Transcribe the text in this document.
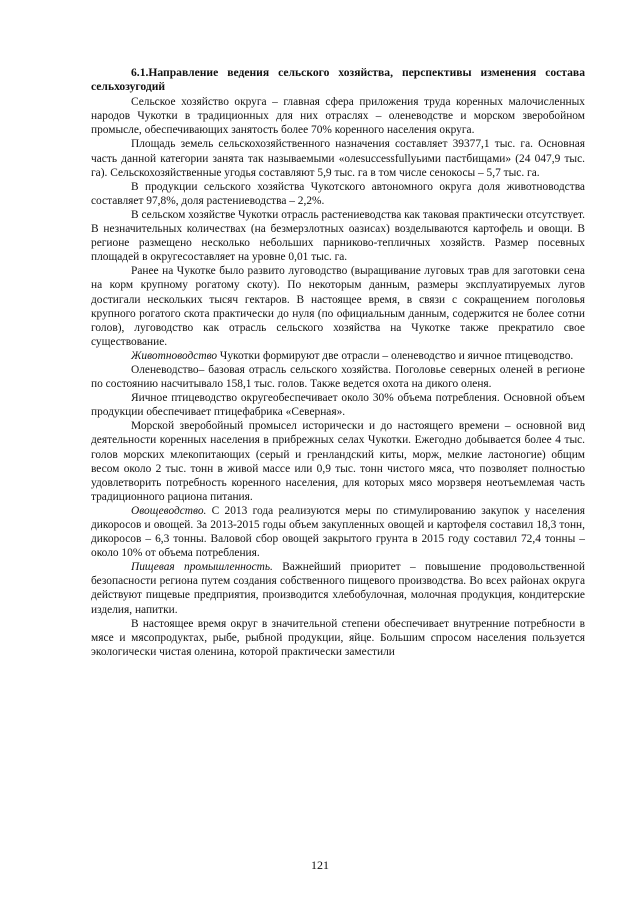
6.1.Направление ведения сельского хозяйства, перспективы изменения состава сельхозугодий

Сельское хозяйство округа – главная сфера приложения труда коренных малочисленных народов Чукотки в традиционных для них отраслях – оленеводстве и морском зверобойном промысле, обеспечивающих занятость более 70% коренного населения округа.

Площадь земель сельскохозяйственного назначения составляет 39377,1 тыс. га. Основная часть данной категории занята так называемыми «олеsuccessfullyьими пастбищами» (24 047,9 тыс. га). Сельскохозяйственные угодья составляют 5,9 тыс. га в том числе сенокосы – 5,7 тыс. га.

В продукции сельского хозяйства Чукотского автономного округа доля животноводства составляет 97,8%, доля растениеводства – 2,2%.

В сельском хозяйстве Чукотки отрасль растениеводства как таковая практически отсутствует. В незначительных количествах (на безмерзлотных оазисах) возделываются картофель и овощи. В регионе размещено несколько небольших парниково-тепличных хозяйств. Размер посевных площадей в округесоставляет на уровне 0,01 тыс. га.

Ранее на Чукотке было развито луговодство (выращивание луговых трав для заготовки сена на корм крупному рогатому скоту). По некоторым данным, размеры эксплуатируемых лугов достигали нескольких тысяч гектаров. В настоящее время, в связи с сокращением поголовья крупного рогатого скота практически до нуля (по официальным данным, содержится не более сотни голов), луговодство как отрасль сельского хозяйства на Чукотке также прекратило свое существование.

Животноводство Чукотки формируют две отрасли – оленеводство и яичное птицеводство.

Оленеводство– базовая отрасль сельского хозяйства. Поголовье северных оленей в регионе по состоянию насчитывало 158,1 тыс. голов. Также ведется охота на дикого оленя.

Яичное птицеводство округеобеспечивает около 30% объема потребления. Основной объем продукции обеспечивает птицефабрика «Северная».

Морской зверобойный промысел исторически и до настоящего времени – основной вид деятельности коренных населения в прибрежных селах Чукотки. Ежегодно добывается более 4 тыс. голов морских млекопитающих (серый и гренландский киты, морж, мелкие ластоногие) общим весом около 2 тыс. тонн в живой массе или 0,9 тыс. тонн чистого мяса, что позволяет полностью удовлетворить потребность коренного населения, для которых мясо морзверя неотъемлемая часть традиционного рациона питания.

Овощеводство. С 2013 года реализуются меры по стимулированию закупок у населения дикоросов и овощей. За 2013-2015 годы объем закупленных овощей и картофеля составил 18,3 тонн, дикоросов – 6,3 тонны. Валовой сбор овощей закрытого грунта в 2015 году составил 72,4 тонны – около 10% от объема потребления.

Пищевая промышленность. Важнейший приоритет – повышение продовольственной безопасности региона путем создания собственного пищевого производства. Во всех районах округа действуют пищевые предприятия, производится хлебобулочная, молочная продукция, кондитерские изделия, напитки.

В настоящее время округ в значительной степени обеспечивает внутренние потребности в мясе и мясопродуктах, рыбе, рыбной продукции, яйце. Большим спросом населения пользуется экологически чистая оленина, которой практически заместили

121
